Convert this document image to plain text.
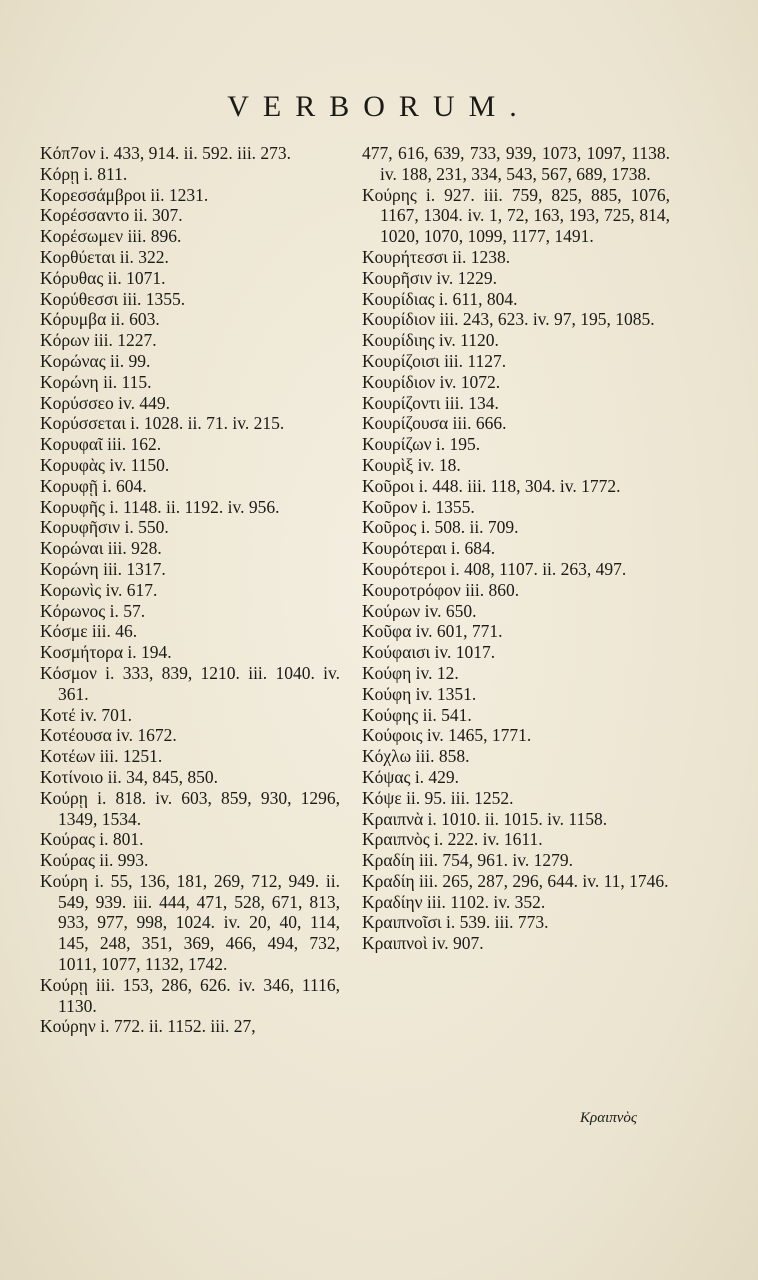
VERBORUM.

Κόπ7ον i. 433, 914. ii. 592. iii. 273.

Κόρῃ i. 811.

Κορεσσάμβροι ii. 1231.

Κορέσσαντο ii. 307.

Κορέσωμεν iii. 896.

Κορθύεται ii. 322.

Κόρυθας ii. 1071.

Κορύθεσσι iii. 1355.

Κόρυμβα ii. 603.

Κόρων iii. 1227.

Κορώνας ii. 99.

Κορώνη ii. 115.

Κορύσσεο iv. 449.

Κορύσσεται i. 1028. ii. 71. iv. 215.

Κορυφαῖ iii. 162.

Κορυφὰς iv. 1150.

Κορυφῇ i. 604.

Κορυφῆς i. 1148. ii. 1192. iv. 956.

Κορυφῆσιν i. 550.

Κορώναι iii. 928.

Κορώνη iii. 1317.

Κορωνὶς iv. 617.

Κόρωνος i. 57.

Κόσμε iii. 46.

Κοσμήτορα i. 194.

Κόσμον i. 333, 839, 1210. iii. 1040. iv. 361.

Κοτέ iv. 701.

Κοτέουσα iv. 1672.

Κοτέων iii. 1251.

Κοτίνοιο ii. 34, 845, 850.

Κούρῃ i. 818. iv. 603, 859, 930, 1296, 1349, 1534.

Κούρας i. 801.

Κούρας ii. 993.

Κούρη i. 55, 136, 181, 269, 712, 949. ii. 549, 939. iii. 444, 471, 528, 671, 813, 933, 977, 998, 1024. iv. 20, 40, 114, 145, 248, 351, 369, 466, 494, 732, 1011, 1077, 1132, 1742.

Κούρῃ iii. 153, 286, 626. iv. 346, 1116, 1130.

Κούρην i. 772. ii. 1152. iii. 27,

477, 616, 639, 733, 939, 1073, 1097, 1138. iv. 188, 231, 334, 543, 567, 689, 1738.

Κούρης i. 927. iii. 759, 825, 885, 1076, 1167, 1304. iv. 1, 72, 163, 193, 725, 814, 1020, 1070, 1099, 1177, 1491.

Κουρήτεσσι ii. 1238.

Κουρῆσιν iv. 1229.

Κουρίδιας i. 611, 804.

Κουρίδιον iii. 243, 623. iv. 97, 195, 1085.

Κουρίδιης iv. 1120.

Κουρίζοισι iii. 1127.

Κουρίδιον iv. 1072.

Κουρίζοντι iii. 134.

Κουρίζουσα iii. 666.

Κουρίζων i. 195.

Κουρὶξ iv. 18.

Κοῦροι i. 448. iii. 118, 304. iv. 1772.

Κοῦρον i. 1355.

Κοῦρος i. 508. ii. 709.

Κουρότεραι i. 684.

Κουρότεροι i. 408, 1107. ii. 263, 497.

Κουροτρόφον iii. 860.

Κούρων iv. 650.

Κοῦφα iv. 601, 771.

Κούφαισι iv. 1017.

Κούφη iv. 12.

Κούφη iv. 1351.

Κούφης ii. 541.

Κούφοις iv. 1465, 1771.

Κόχλω iii. 858.

Κόψας i. 429.

Κόψε ii. 95. iii. 1252.

Κραιπνὰ i. 1010. ii. 1015. iv. 1158.

Κραιπνὸς i. 222. iv. 1611.

Κραδίη iii. 754, 961. iv. 1279.

Κραδίη iii. 265, 287, 296, 644. iv. 11, 1746.

Κραδίην iii. 1102. iv. 352.

Κραιπνοῖσι i. 539. iii. 773.

Κραιπνοὶ iv. 907.

Κραιπνὸς
